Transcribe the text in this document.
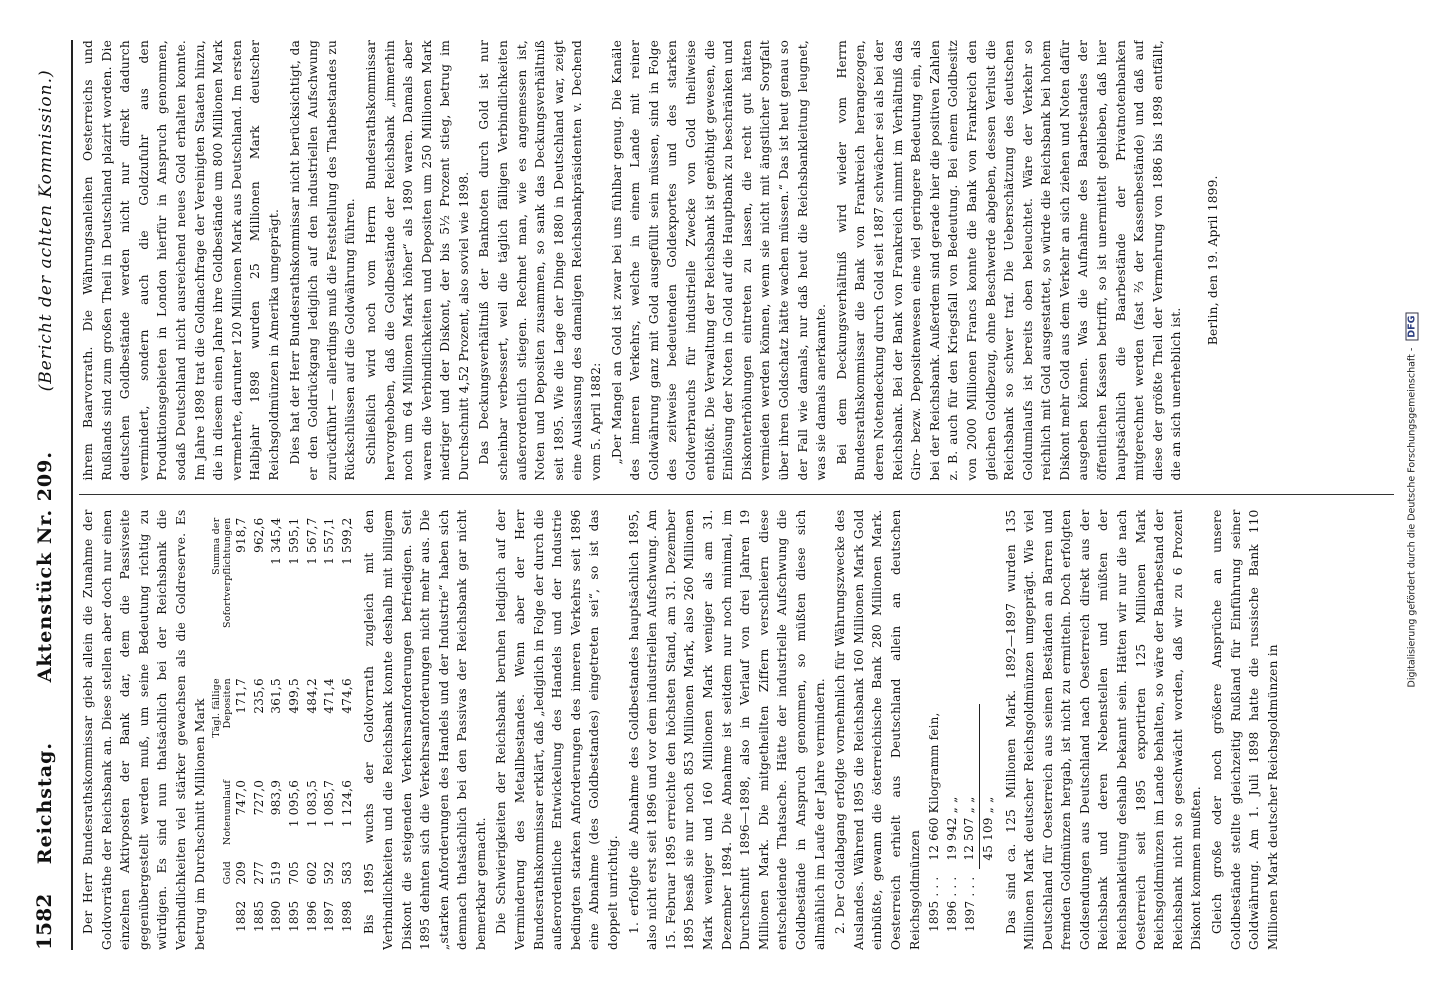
1582
Reichstag. Aktenstück Nr. 209. (Bericht der achten Kommission.)

Der Herr Bundesrathskommissar giebt allein die Zunahme der Goldvorräthe der Reichsbank an. Diese stellen aber doch nur einen einzelnen Aktivposten der Bank dar, dem die Passivseite gegenübergestellt werden muß, um seine Bedeutung richtig zu würdigen. Es sind nun thatsächlich bei der Reichsbank die Verbindlichkeiten viel stärker gewachsen als die Goldreserve. Es betrug im Durchschnitt Millionen Mark

	Gold	Notenumlauf	Tägl. fällige Depositen	Summa der Sofortverpflichtungen
1882	209	747,0	171,7	918,7
1885	277	727,0	235,6	962,6
1890	519	983,9	361,5	1 345,4
1895	705	1 095,6	499,5	1 595,1
1896	602	1 083,5	484,2	1 567,7
1897	592	1 085,7	471,4	1 557,1
1898	583	1 124,6	474,6	1 599,2 Bis 1895 wuchs der Goldvorrath zugleich mit den Verbindlichkeiten und die Reichsbank konnte deshalb mit billigem Diskont die steigenden Verkehrsanforderungen befriedigen. Seit 1895 dehnten sich die Verkehrsanforderungen nicht mehr aus. Die „starken Anforderungen des Handels und der Industrie“ haben sich demnach thatsächlich bei den Passivas der Reichsbank gar nicht bemerkbar gemacht. Die Schwierigkeiten der Reichsbank beruhen lediglich auf der Verminderung des Metallbestandes. Wenn aber der Herr Bundesrathskommissar erklärt, daß „lediglich in Folge der durch die außerordentliche Entwickelung des Handels und der Industrie bedingten starken Anforderungen des inneren Verkehrs seit 1896 eine Abnahme (des Goldbestandes) eingetreten sei“, so ist das doppelt unrichtig. 1. erfolgte die Abnahme des Goldbestandes hauptsächlich 1895, also nicht erst seit 1896 und vor dem industriellen Aufschwung. Am 15. Februar 1895 erreichte den höchsten Stand, am 31. Dezember 1895 besaß sie nur noch 853 Millionen Mark, also 260 Millionen Mark weniger und 160 Millionen Mark weniger als am 31. Dezember 1894. Die Abnahme ist seitdem nur noch minimal, im Durchschnitt 1896—1898, also in Verlauf von drei Jahren 19 Millionen Mark. Die mitgetheilten Ziffern verschleiern diese entscheidende Thatsache. Hätte der industrielle Aufschwung die Goldbestände in Anspruch genommen, so müßten diese sich allmählich im Laufe der Jahre vermindern. 2. Der Goldabgang erfolgte vornehmlich für Währungszwecke des Auslandes. Während 1895 die Reichsbank 160 Millionen Mark Gold einbüßte, gewann die österreichische Bank 280 Millionen Mark. Oesterreich erhielt aus Deutschland allein an deutschen Reichsgoldmünzen 1895 . . .	12 660 Kilogramm fein,
1896 . . .	19 942 „ „
1897 . . .	12 507 „ „
	45 109 „ „ Das sind ca. 125 Millionen Mark. 1892—1897 wurden 135 Millionen Mark deutscher Reichsgoldmünzen umgeprägt. Wie viel Deutschland für Oesterreich aus seinen Beständen an Barren und fremden Goldmünzen hergab, ist nicht zu ermitteln. Doch erfolgten Goldsendungen aus Deutschland nach Oesterreich direkt aus der Reichsbank und deren Nebenstellen und müßten der Reichsbankleitung deshalb bekannt sein. Hätten wir nur die nach Oesterreich seit 1895 exportirten 125 Millionen Mark Reichsgoldmünzen im Lande behalten, so wäre der Baarbestand der Reichsbank nicht so geschwächt worden, daß wir zu 6 Prozent Diskont kommen mußten. Gleich große oder noch größere Ansprüche an unsere Goldbestände stellte gleichzeitig Rußland für Einführung seiner Goldwährung. Am 1. Juli 1898 hatte die russische Bank 110 Millionen Mark deutscher Reichsgoldmünzen in

ihrem Baarvorrath. Die Währungsanleihen Oesterreichs und Rußlands sind zum großen Theil in Deutschland plazirt worden. Die deutschen Goldbestände werden nicht nur direkt dadurch vermindert, sondern auch die Goldzufuhr aus den Produktionsgebieten in London hierfür in Anspruch genommen, sodaß Deutschland nicht ausreichend neues Gold erhalten konnte. Im Jahre 1898 trat die Goldnachfrage der Vereinigten Staaten hinzu, die in diesem einen Jahre ihre Goldbestände um 800 Millionen Mark vermehrte, darunter 120 Millionen Mark aus Deutschland. Im ersten Halbjahr 1898 wurden 25 Millionen Mark deutscher Reichsgoldmünzen in Amerika umgeprägt. Dies hat der Herr Bundesrathskommissar nicht berücksichtigt, da er den Goldrückgang lediglich auf den industriellen Aufschwung zurückführt — allerdings muß die Feststellung des Thatbestandes zu Rückschlüssen auf die Goldwährung führen. Schließlich wird noch vom Herrn Bundesrathskommissar hervorgehoben, daß die Goldbestände der Reichsbank „immerhin noch um 64 Millionen Mark höher“ als 1890 waren. Damals aber waren die Verbindlichkeiten und Depositen um 250 Millionen Mark niedriger und der Diskont, der bis 5½ Prozent stieg, betrug im Durchschnitt 4,52 Prozent, also soviel wie 1898. Das Deckungsverhältniß der Banknoten durch Gold ist nur scheinbar verbessert, weil die täglich fälligen Verbindlichkeiten außerordentlich stiegen. Rechnet man, wie es angemessen ist, Noten und Depositen zusammen, so sank das Deckungsverhältniß seit 1895. Wie die Lage der Dinge 1880 in Deutschland war, zeigt eine Auslassung des damaligen Reichsbankpräsidenten v. Dechend vom 5. April 1882: „Der Mangel an Gold ist zwar bei uns fühlbar genug. Die Kanäle des inneren Verkehrs, welche in einem Lande mit reiner Goldwährung ganz mit Gold ausgefüllt sein müssen, sind in Folge des zeitweise bedeutenden Goldexportes und des starken Goldverbrauchs für industrielle Zwecke von Gold theilweise entblößt. Die Verwaltung der Reichsbank ist genöthigt gewesen, die Einlösung der Noten in Gold auf die Hauptbank zu beschränken und Diskonterhöhungen eintreten zu lassen, die recht gut hätten vermieden werden können, wenn sie nicht mit ängstlicher Sorgfalt über ihren Goldschatz hätte wachen müssen.“ Das ist heut genau so der Fall wie damals, nur daß heut die Reichsbankleitung leugnet, was sie damals anerkannte. Bei dem Deckungsverhältniß wird wieder vom Herrn Bundesrathskommissar die Bank von Frankreich herangezogen, deren Notendeckung durch Gold seit 1887 schwächer sei als bei der Reichsbank. Bei der Bank von Frankreich nimmt im Verhältniß das Giro- bezw. Depositenwesen eine viel geringere Bedeutung ein, als bei der Reichsbank. Außerdem sind gerade hier die positiven Zahlen z. B. auch für den Kriegsfall von Bedeutung. Bei einem Goldbesitz von 2000 Millionen Francs konnte die Bank von Frankreich den gleichen Goldbezug, ohne Beschwerde abgeben, dessen Verlust die Reichsbank so schwer traf. Die Ueberschätzung des deutschen Goldumlaufs ist bereits oben beleuchtet. Wäre der Verkehr so reichlich mit Gold ausgestattet, so würde die Reichsbank bei hohem Diskont mehr Gold aus dem Verkehr an sich ziehen und Noten dafür ausgeben können. Was die Aufnahme des Baarbestandes der öffentlichen Kassen betrifft, so ist unermittelt geblieben, daß hier hauptsächlich die Baarbestände der Privatnotenbanken mitgerechnet werden (fast ⅔ der Kassenbestände) und daß auf diese der größte Theil der Vermehrung von 1886 bis 1898 entfällt, die an sich unerheblich ist.

Berlin, den 19. April 1899.

Digitalisierung gefördert durch die Deutsche Forschungsgemeinschaft - DFG
